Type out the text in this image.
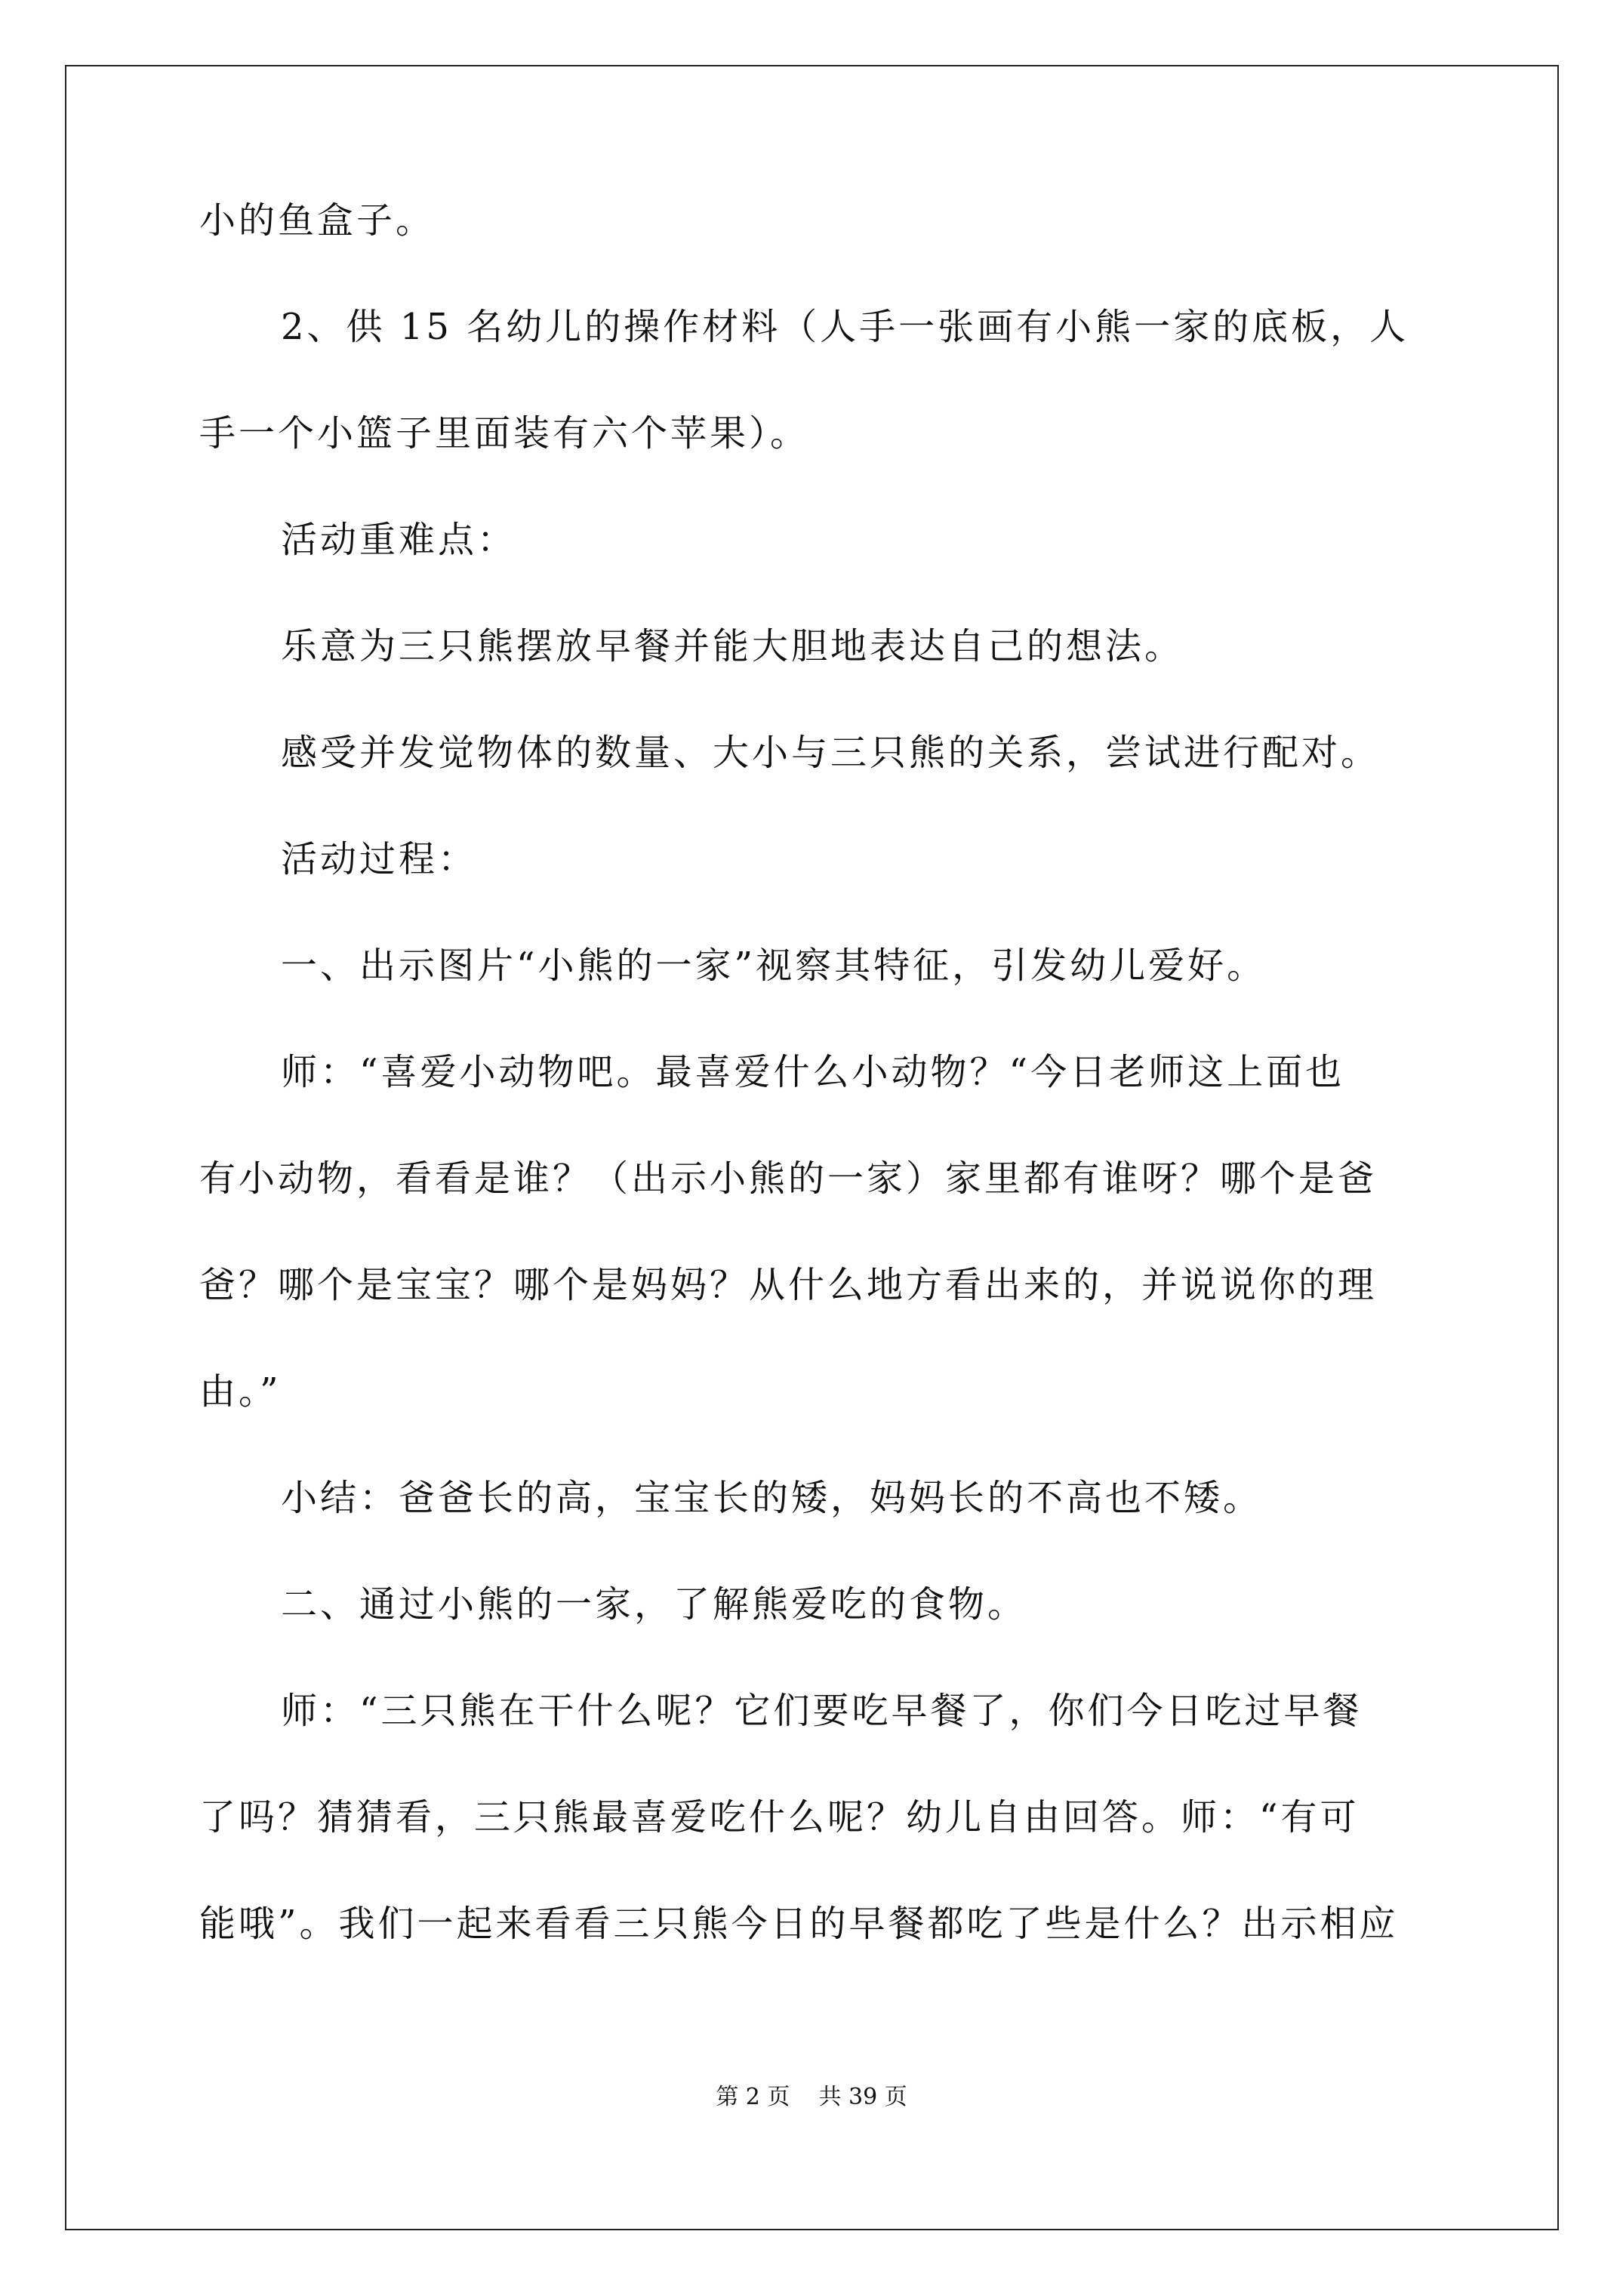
小的鱼盒子。
2、供 15 名幼儿的操作材料（人手一张画有小熊一家的底板，人
手一个小篮子里面装有六个苹果）。
活动重难点：
乐意为三只熊摆放早餐并能大胆地表达自己的想法。
感受并发觉物体的数量、大小与三只熊的关系，尝试进行配对。
活动过程：
一、出示图片“小熊的一家”视察其特征，引发幼儿爱好。
师：“喜爱小动物吧。最喜爱什么小动物？“今日老师这上面也
有小动物，看看是谁？（出示小熊的一家）家里都有谁呀？哪个是爸
爸？哪个是宝宝？哪个是妈妈？从什么地方看出来的，并说说你的理
由。”
小结：爸爸长的高，宝宝长的矮，妈妈长的不高也不矮。
二、通过小熊的一家，了解熊爱吃的食物。
师：“三只熊在干什么呢？它们要吃早餐了，你们今日吃过早餐
了吗？猜猜看，三只熊最喜爱吃什么呢？幼儿自由回答。师：“有可
能哦”。我们一起来看看三只熊今日的早餐都吃了些是什么？出示相应
第 2 页    共 39 页
